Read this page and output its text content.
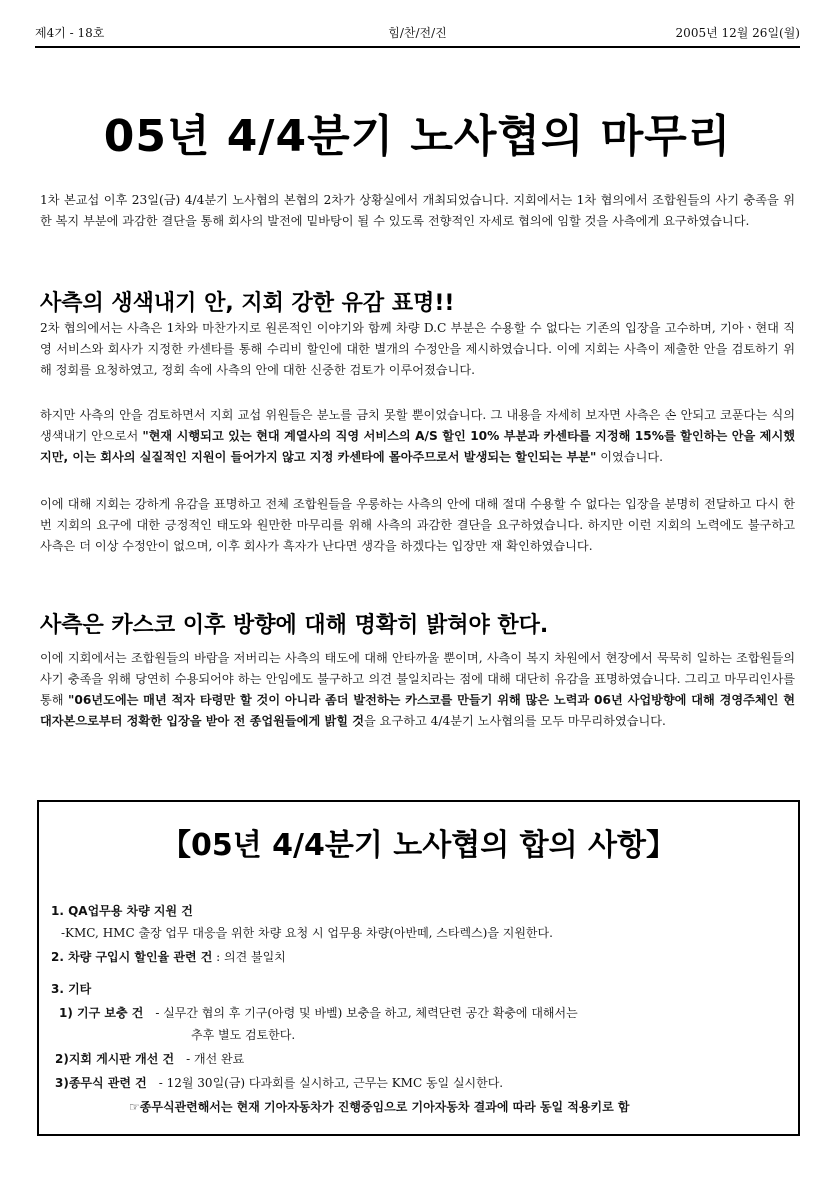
제4기 - 18호	힘/찬/전/진	2005년 12월 26일(월)
05년 4/4분기 노사협의 마무리
1차 본교섭 이후 23일(금) 4/4분기 노사협의 본협의 2차가 상황실에서 개최되었습니다. 지회에서는 1차 협의에서 조합원들의 사기 충족을 위한 복지 부분에 과감한 결단을 통해 회사의 발전에 밑바탕이 될 수 있도록 전향적인 자세로 협의에 임할 것을 사측에게 요구하였습니다.
사측의 생색내기 안, 지회 강한 유감 표명!!
2차 협의에서는 사측은 1차와 마찬가지로 원론적인 이야기와 함께 차량 D.C 부분은 수용할 수 없다는 기존의 입장을 고수하며, 기아ㆍ현대 직영 서비스와 회사가 지정한 카센타를 통해 수리비 할인에 대한 별개의 수정안을 제시하였습니다. 이에 지회는 사측이 제출한 안을 검토하기 위해 정회를 요청하였고, 정회 속에 사측의 안에 대한 신중한 검토가 이루어졌습니다.
하지만 사측의 안을 검토하면서 지회 교섭 위원들은 분노를 금치 못할 뿐이었습니다. 그 내용을 자세히 보자면 사측은 손 안되고 코푼다는 식의 생색내기 안으로서 "현재 시행되고 있는 현대 계열사의 직영 서비스의 A/S 할인 10% 부분과 카센타를 지정해 15%를 할인하는 안을 제시했지만, 이는 회사의 실질적인 지원이 들어가지 않고 지정 카센타에 몰아주므로서 발생되는 할인되는 부분" 이였습니다.
이에 대해 지회는 강하게 유감을 표명하고 전체 조합원들을 우롱하는 사측의 안에 대해 절대 수용할 수 없다는 입장을 분명히 전달하고 다시 한번 지회의 요구에 대한 긍정적인 태도와 원만한 마무리를 위해 사측의 과감한 결단을 요구하였습니다. 하지만 이런 지회의 노력에도 불구하고 사측은 더 이상 수정안이 없으며, 이후 회사가 흑자가 난다면 생각을 하겠다는 입장만 재 확인하였습니다.
사측은 카스코 이후 방향에 대해 명확히 밝혀야 한다.
이에 지회에서는 조합원들의 바람을 저버리는 사측의 태도에 대해 안타까울 뿐이며, 사측이 복지 차원에서 현장에서 묵묵히 일하는 조합원들의 사기 충족을 위해 당연히 수용되어야 하는 안임에도 불구하고 의견 불일치라는 점에 대해 대단히 유감을 표명하였습니다. 그리고 마무리인사를 통해 "06년도에는 매년 적자 타령만 할 것이 아니라 좀더 발전하는 카스코를 만들기 위해 많은 노력과 06년 사업방향에 대해 경영주체인 현대자본으로부터 정확한 입장을 받아 전 종업원들에게 밝힐 것을 요구하고 4/4분기 노사협의를 모두 마무리하였습니다.
【05년 4/4분기 노사협의 합의 사항】
1. QA업무용 차량 지원 건
-KMC, HMC 출장 업무 대응을 위한 차량 요청 시 업무용 차량(아반떼, 스타렉스)을 지원한다.
2. 차량 구입시 할인율 관련 건 : 의견 불일치
3. 기타
1) 기구 보충 건 - 실무간 협의 후 기구(아령 및 바벨) 보충을 하고, 체력단련 공간 확충에 대해서는
추후 별도 검토한다.
2)지회 게시판 개선 건 - 개선 완료
3)종무식 관련 건 - 12월 30일(금) 다과회를 실시하고, 근무는 KMC 동일 실시한다.
☞종무식관련해서는 현재 기아자동차가 진행중임으로 기아자동차 결과에 따라 동일 적용키로 함
